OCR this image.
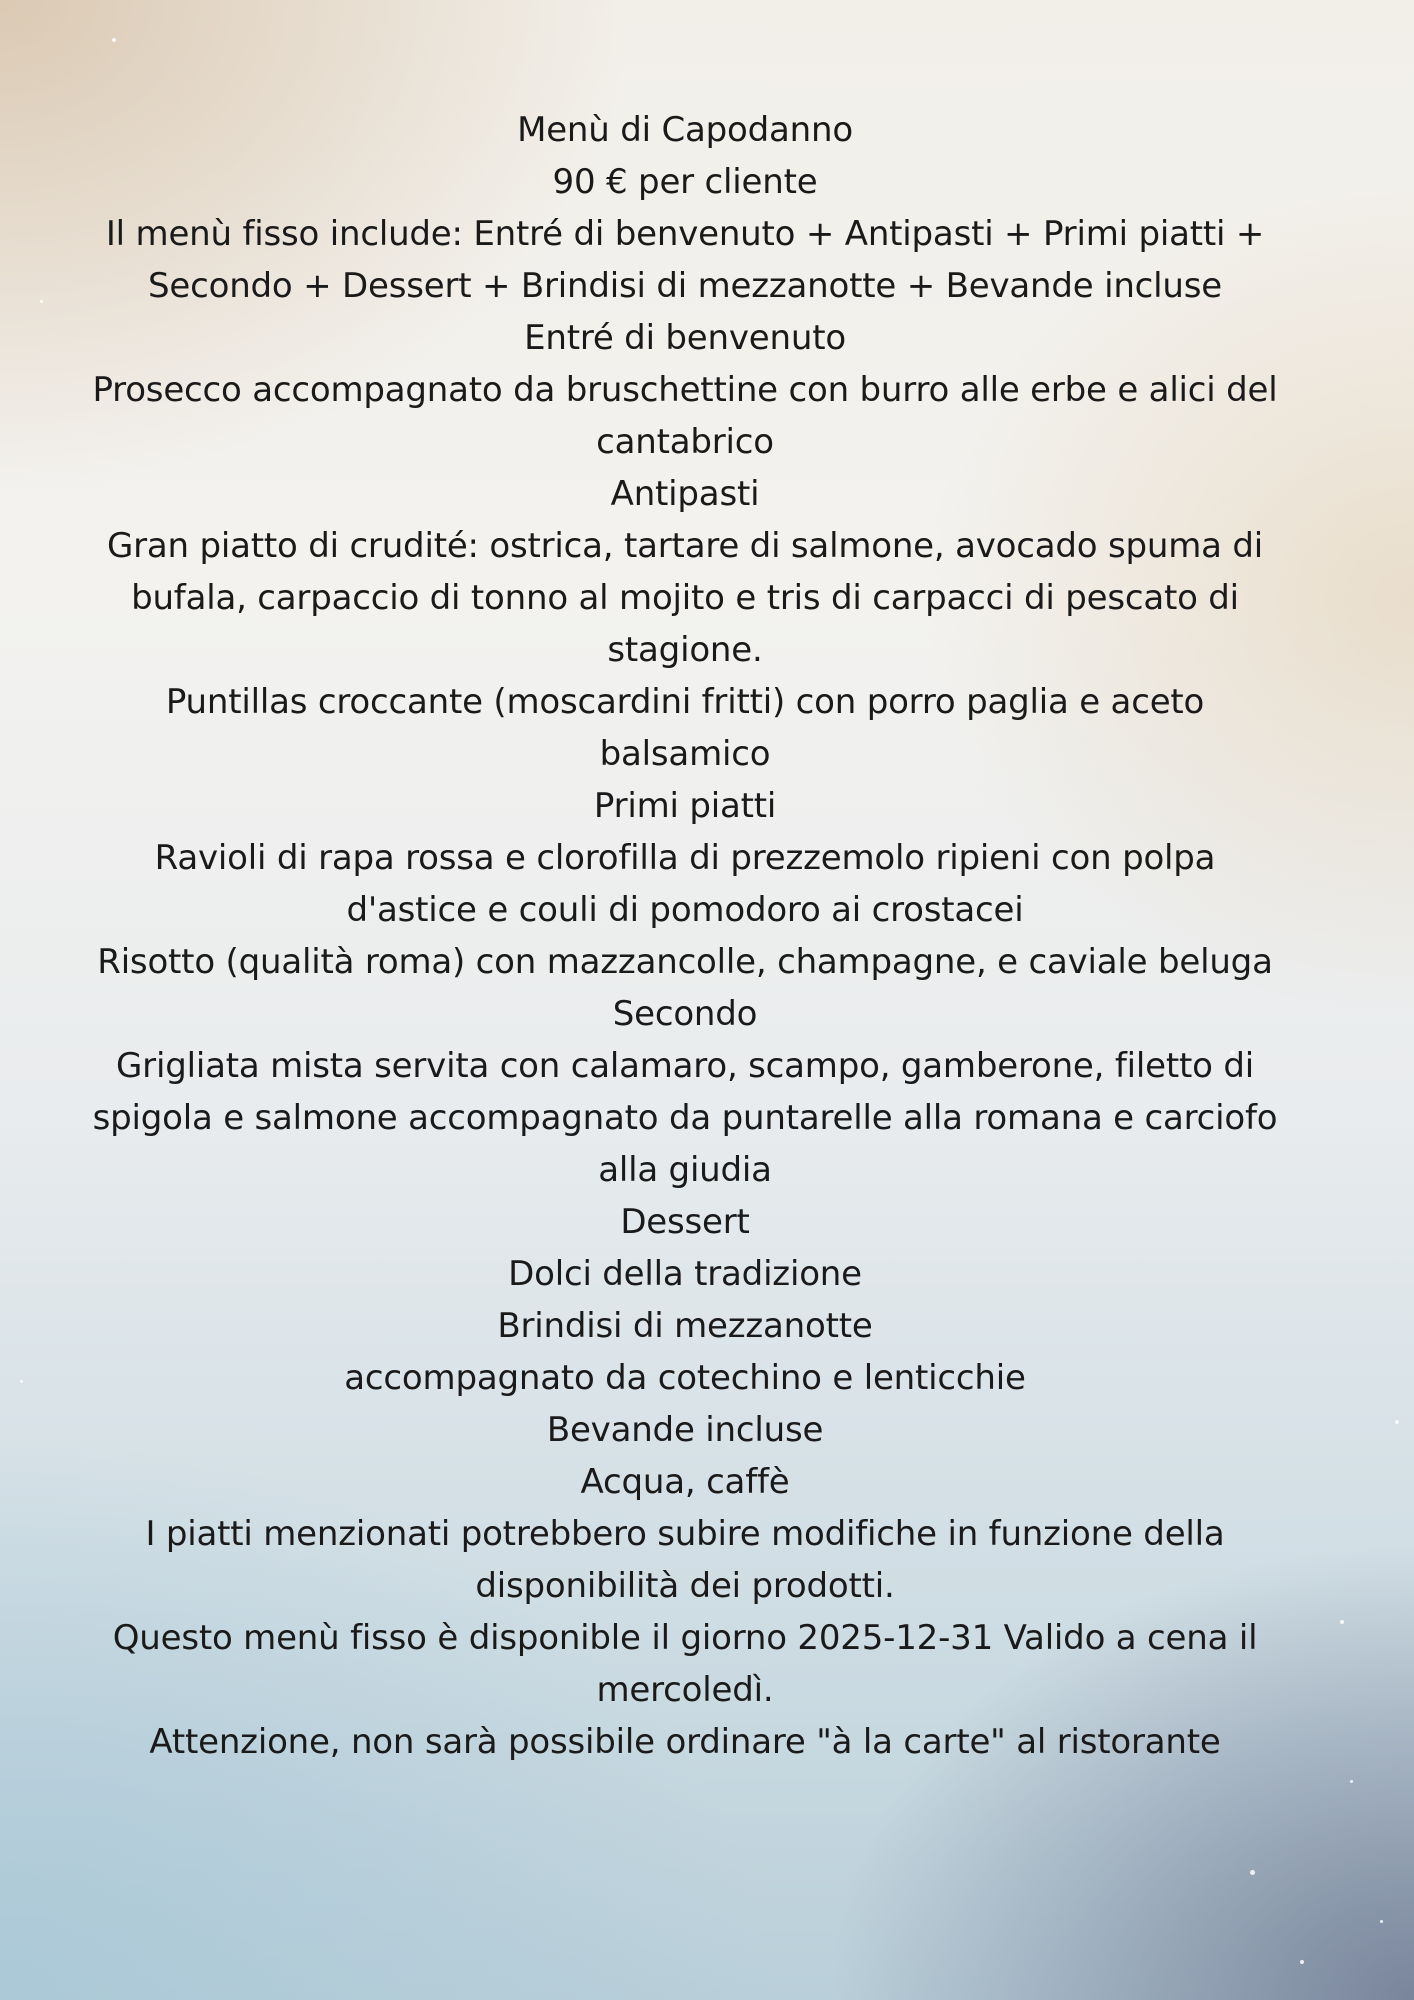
Menù di Capodanno

90 € per cliente

Il menù fisso include: Entré di benvenuto + Antipasti + Primi piatti + Secondo + Dessert + Brindisi di mezzanotte + Bevande incluse

Entré di benvenuto

Prosecco accompagnato da bruschettine con burro alle erbe e alici del cantabrico

Antipasti

Gran piatto di crudité: ostrica, tartare di salmone, avocado spuma di bufala, carpaccio di tonno al mojito e tris di carpacci di pescato di stagione.

Puntillas croccante (moscardini fritti) con porro paglia e aceto balsamico

Primi piatti

Ravioli di rapa rossa e clorofilla di prezzemolo ripieni con polpa d'astice e couli di pomodoro ai crostacei

Risotto (qualità roma) con mazzancolle, champagne, e caviale beluga

Secondo

Grigliata mista servita con calamaro, scampo, gamberone, filetto di spigola e salmone accompagnato da puntarelle alla romana e carciofo alla giudia

Dessert

Dolci della tradizione

Brindisi di mezzanotte

accompagnato da cotechino e lenticchie

Bevande incluse

Acqua, caffè

I piatti menzionati potrebbero subire modifiche in funzione della disponibilità dei prodotti.

Questo menù fisso è disponible il giorno 2025-12-31 Valido a cena il mercoledì.

Attenzione, non sarà possibile ordinare "à la carte" al ristorante
